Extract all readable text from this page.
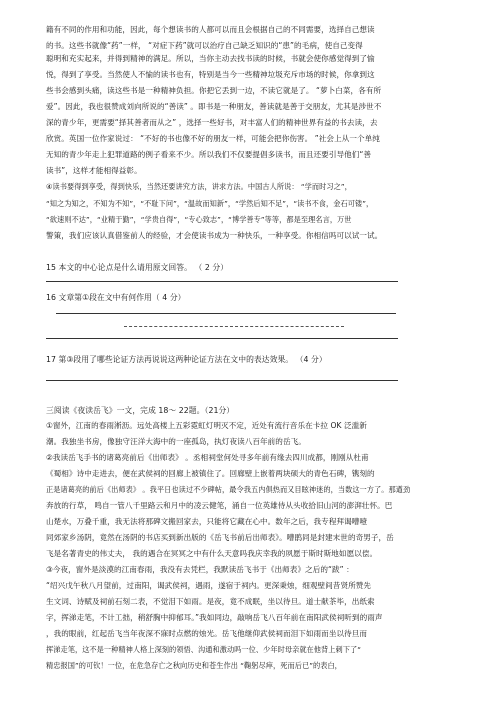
籍有不同的作用和功能，因此，每个想读书的人都可以而且会根据自己的不同需要，选择自己想读
的书。这些书就像“药”一样， “对症下药”就可以治疗自己缺乏知识的“患”的毛病，使自己变得
聪明和充实起来，并得到精神的满足。所以，当你主动去找书读的时候，书就会使你感觉得到了愉
悦，得到了享受。当然使人不愉的读书也有，特别是当今一些精神垃圾充斥市场的时候，你拿到这
些书会感到头痛，读这些书是一种精神负担。你把它丢到一边，不读它就是了。 “萝卜白菜，各有所
爱”。因此，我也很赞成刘向所说的“善读” 。即书是一种朋友，善读就是善于交朋友，尤其是涉世不
深的青少年，更需要“择其善者而从之” ，选择一些好书，对丰富人们的精神世界有益的书去读，去
欣赏。英国一位作家说过： “不好的书也像不好的朋友一样，可能会把你伤害。 ”社会上从一个单纯
无知的青少年走上犯罪道路的例子看来不少。所以我们不仅要提倡多读书，而且还要引导他们“善
读书”，这样才能相得益彰。
④读书要得到享受，得到快乐，当然还要讲究方法，讲求方法。中国古人所说： “学而时习之”，
“知之为知之，不知为不知”，“不耻下问”，“温故而知新”，“学然后知不足”，“读书不食，金石可镂”，
“欲速则不达”，“业精于勤”，“学贵自得”，“专心致志”，“博学善专”等等，都是至理名言，万世
警策，我们应该认真借鉴前人的经验，才会使读书成为一种快乐，一种享受。你相信吗可以试一试。
15 本文的中心论点是什么请用原文回答。 （ 2 分）
16 文章第①段在文中有何作用（ 4 分）
17 第③段用了哪些论证方法再说说这两种论证方法在文中的表达效果。 （4 分）
三阅读《夜读岳飞》一文，完成 18～ 22题。（21分）
①窗外，江南的春雨淅沥。远处高楼上五彩霓虹灯明灭不定，近处有流行音乐在卡拉 OK 泛滥新
潮。我独坐书房，像独守汪洋大海中的一座孤岛，执灯夜读八百年前的岳飞。
②我读岳飞手书的诸葛亮前后《出师表》 。丞相祠堂何处寻多年前有缘去四川成都，刚刚从杜甫
《蜀相》诗中走进去，便在武侯祠的回廊上被镇住了。回廊壁上嵌着两块硕大的青色石碑，镌刻的
正是诸葛亮的前后《出师表》 。我平日也读过不少碑帖，最令我五内俱热而又目眩神迷的，当数这一方了。那遒劲
奔放的行草， 鸣自一管八千里路云和月中的凌云健笔，涌自一位英雄侍从头收拾旧山河的澎湃壮怀。巴
山楚水，万叠千重，我无法将那碑文搬回家去，只能将它藏在心中。数年之后，我专程拜谒嘈噎
同郊家乡汤阴，竟然在汤阴的书店买到新出版的《岳飞书前后出师表》。嘈鹃同是封建末世的奇男子，岳
飞是名著青史的伟丈夫， 我的遇合在冥冥之中有什么天意吗我庆幸我的夙愿于斯时斯地如愿以偿。
③今夜，窗外是淡漠的江南春雨，我没有去凭栏，我默读岳飞书于《出师表》之后的“跋” ：
“绍兴戊午秋八月望前，过南阳，谒武侯祠，遇雨，遂宿于祠内。更深秉烛，细观壁间昔贤所赞先
生文词、诗赋及祠前石刻二表，不觉泪下如雨。是夜，竟不成眠，坐以待旦。道士献茶毕，出纸索
字，挥涕走笔，不计工拙，稍舒胸中抑郁耳。”我如同边，敲响岳飞八百年前在南阳武侯祠听到的雨声
，我的眼前，红起岳飞当年夜深不寐时点燃的烛光。岳飞他继仰武侯祠而泪下如雨而坐以待旦而
挥涕走笔，这不是一种精神人格上深刻的领悟、沟通和激动吗一位、少年时母亲就在他背上刺下了“
精忠报国”的可钦！一位，在危急存亡之秋向历史和苍生作出 “鞠躬尽瘁，死而后已”的表白，
